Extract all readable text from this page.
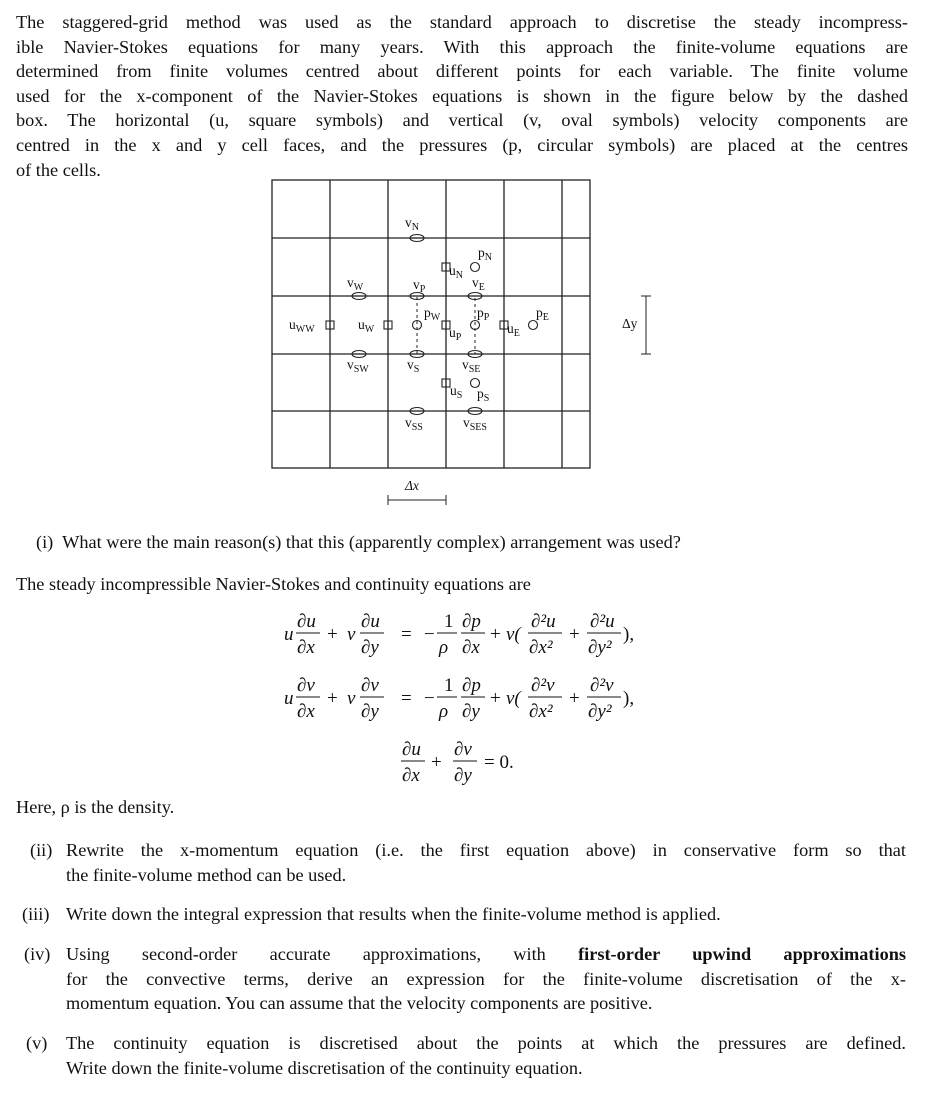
The staggered-grid method was used as the standard approach to discretise the steady incompress-
ible Navier-Stokes equations for many years. With this approach the finite-volume equations are
determined from finite volumes centred about different points for each variable. The finite volume
used for the x-component of the Navier-Stokes equations is shown in the figure below by the dashed
box. The horizontal (u, square symbols) and vertical (v, oval symbols) velocity components are
centred in the x and y cell faces, and the pressures (p, circular symbols) are placed at the centres
of the cells.
$v_N$
$p_N$
$u_N$ $v_E$
$v_W$	$v_P$
$p_W$	$p_P$	$p_E$
$u_{WW}$	$u_W$	$u_P$
$u_E$
$v_{SW}$	$v_S$	$v_{SE}$
$u_S$ $p_S$
$v_{SS}$	$v_{SES}$
Δx
Δy
(i) What were the main reason(s) that this (apparently complex) arrangement was used?
The steady incompressible Navier-Stokes and continuity equations are
u
∂u
∂x
+ v
∂u
∂y
= −
1
ρ
∂p
∂x
+ ν(
∂²u
∂x²
+
∂²u
∂y²
),
u
∂v
∂x
+ v
∂v
∂y
= −
1
ρ
∂p
∂y
+ ν(
∂²v
∂x²
+
∂²v
∂y²
),
∂u
∂x
+
∂v
∂y
= 0.
Here, ρ is the density.
(ii) Rewrite the x-momentum equation (i.e. the first equation above) in conservative form so that
the finite-volume method can be used.
(iii) Write down the integral expression that results when the finite-volume method is applied.
(iv) Using second-order accurate approximations, with first-order upwind approximations
for the convective terms, derive an expression for the finite-volume discretisation of the x-
momentum equation. You can assume that the velocity components are positive.
(v) The continuity equation is discretised about the points at which the pressures are defined.
Write down the finite-volume discretisation of the continuity equation.
